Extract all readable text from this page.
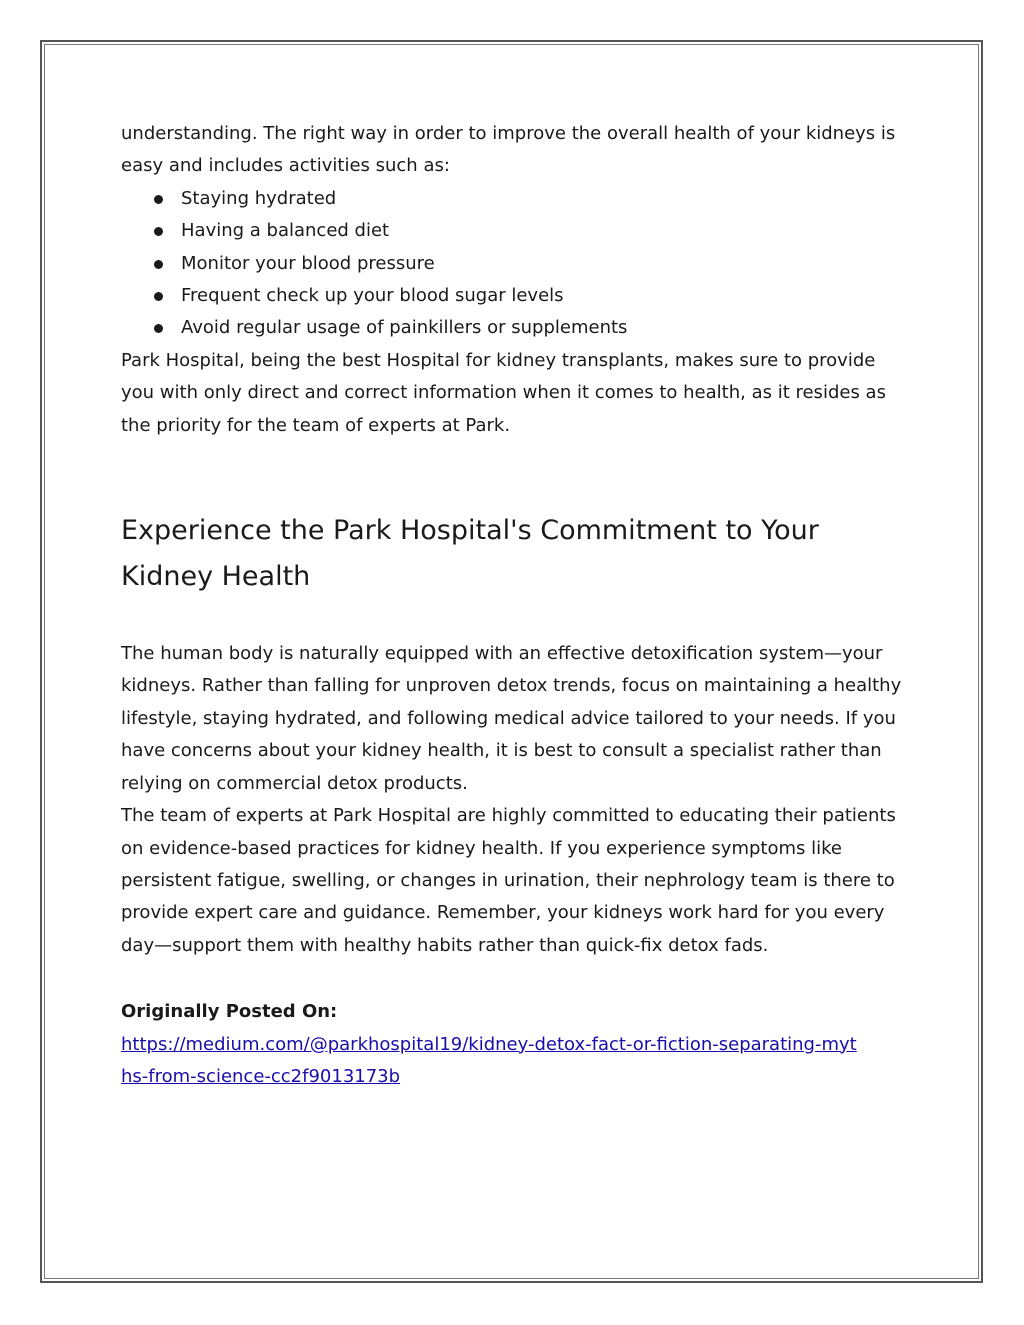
understanding. The right way in order to improve the overall health of your kidneys is easy and includes activities such as:

Staying hydrated
Having a balanced diet
Monitor your blood pressure
Frequent check up your blood sugar levels
Avoid regular usage of painkillers or supplements

Park Hospital, being the best Hospital for kidney transplants, makes sure to provide you with only direct and correct information when it comes to health, as it resides as the priority for the team of experts at Park.

Experience the Park Hospital's Commitment to Your Kidney Health

The human body is naturally equipped with an effective detoxification system—your kidneys. Rather than falling for unproven detox trends, focus on maintaining a healthy lifestyle, staying hydrated, and following medical advice tailored to your needs. If you have concerns about your kidney health, it is best to consult a specialist rather than relying on commercial detox products.

The team of experts at Park Hospital are highly committed to educating their patients on evidence-based practices for kidney health. If you experience symptoms like persistent fatigue, swelling, or changes in urination, their nephrology team is there to provide expert care and guidance. Remember, your kidneys work hard for you every day—support them with healthy habits rather than quick-fix detox fads.

Originally Posted On:
https://medium.com/@parkhospital19/kidney-detox-fact-or-fiction-separating-myths-from-science-cc2f9013173b
